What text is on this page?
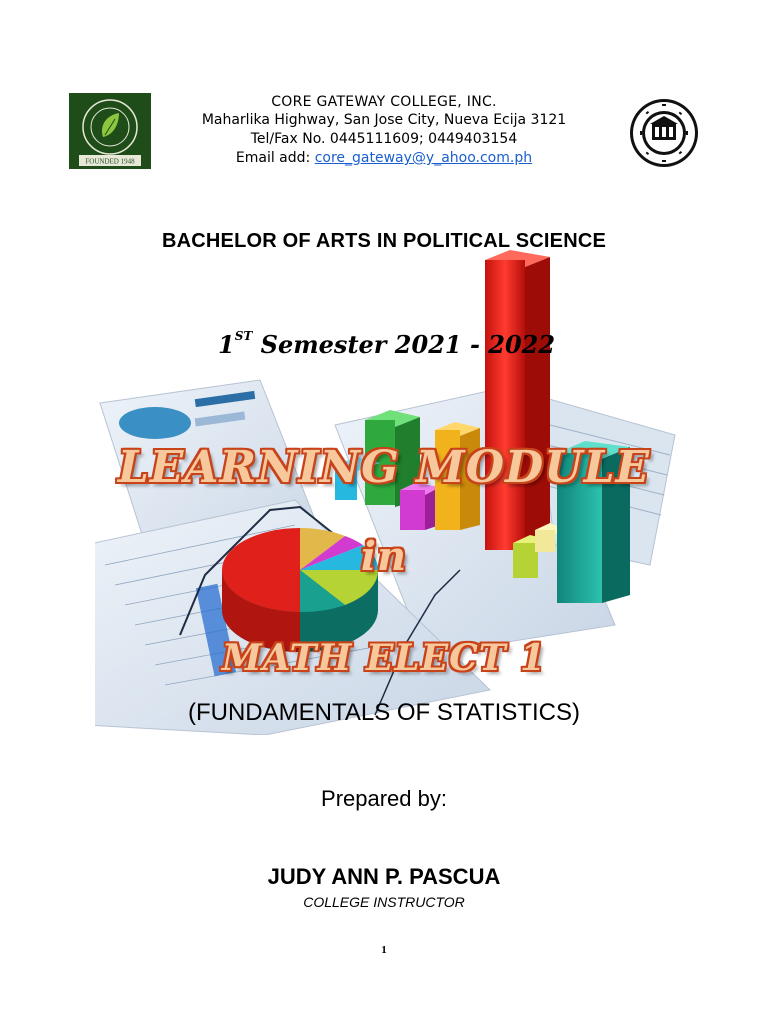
FOUNDED 1948
CORE GATEWAY COLLEGE, INC.
Maharlika Highway, San Jose City, Nueva Ecija 3121
Tel/Fax No. 0445111609; 0449403154
Email add: core_gateway@y_ahoo.com.ph
BACHELOR OF ARTS IN POLITICAL SCIENCE
1ST Semester 2021 - 2022
LEARNING MODULE
in
MATH ELECT 1
(FUNDAMENTALS OF STATISTICS)
Prepared by:
JUDY ANN P. PASCUA
COLLEGE INSTRUCTOR
1
